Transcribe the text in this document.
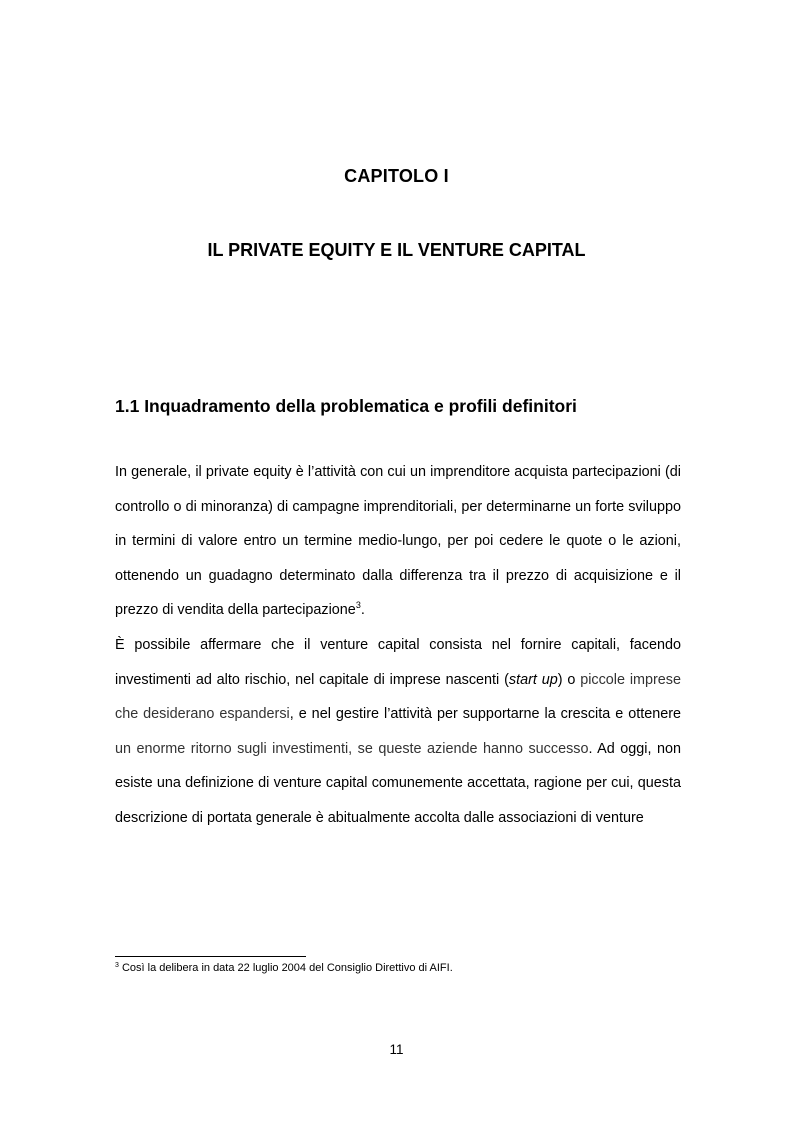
CAPITOLO I
IL PRIVATE EQUITY E IL VENTURE CAPITAL
1.1 Inquadramento della problematica e profili definitori

In generale, il private equity è l’attività con cui un imprenditore acquista partecipazioni (di controllo o di minoranza) di campagne imprenditoriali, per determinarne un forte sviluppo in termini di valore entro un termine medio-lungo, per poi cedere le quote o le azioni, ottenendo un guadagno determinato dalla differenza tra il prezzo di acquisizione e il prezzo di vendita della partecipazione$^3$.

È possibile affermare che il venture capital consista nel fornire capitali, facendo investimenti ad alto rischio, nel capitale di imprese nascenti (start up) o piccole imprese che desiderano espandersi, e nel gestire l’attività per supportarne la crescita e ottenere un enorme ritorno sugli investimenti, se queste aziende hanno successo. Ad oggi, non esiste una definizione di venture capital comunemente accettata, ragione per cui, questa descrizione di portata generale è abitualmente accolta dalle associazioni di venture

$^3$ Così la delibera in data 22 luglio 2004 del Consiglio Direttivo di AIFI.

11
